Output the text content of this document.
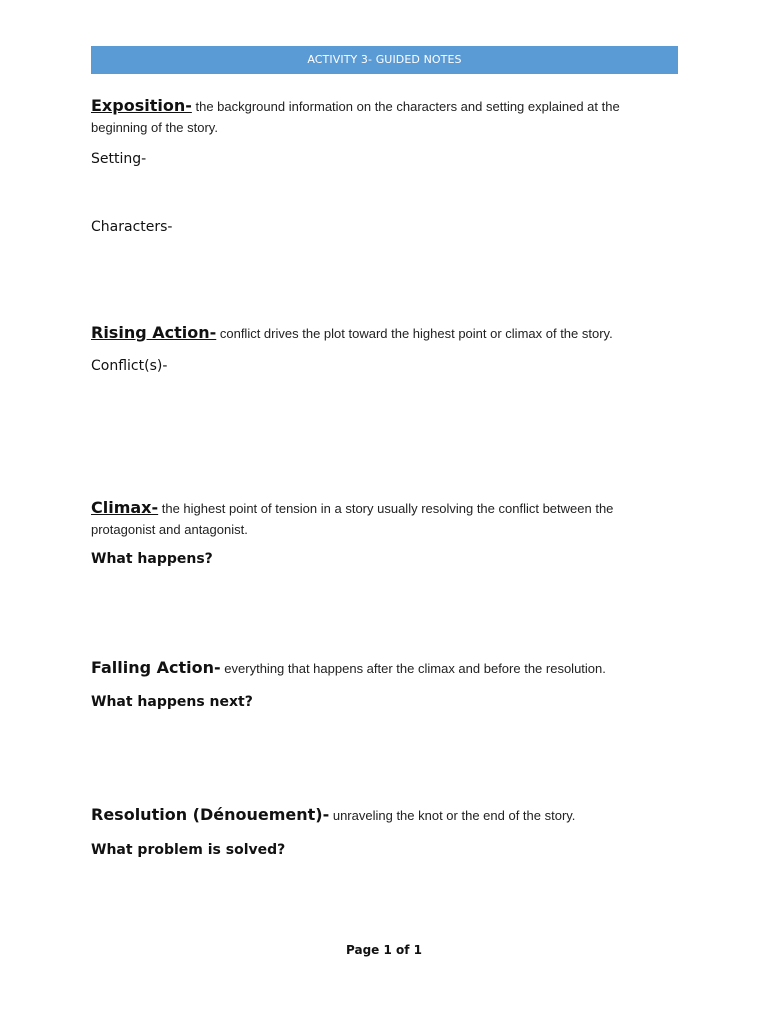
ACTIVITY 3- GUIDED NOTES
Exposition- the background information on the characters and setting explained at the beginning of the story.
Setting-
Characters-
Rising Action- conflict drives the plot toward the highest point or climax of the story.
Conflict(s)-
Climax- the highest point of tension in a story usually resolving the conflict between the protagonist and antagonist.
What happens?
Falling Action- everything that happens after the climax and before the resolution.
What happens next?
Resolution (Dénouement)- unraveling the knot or the end of the story.
What problem is solved?
Page 1 of 1
